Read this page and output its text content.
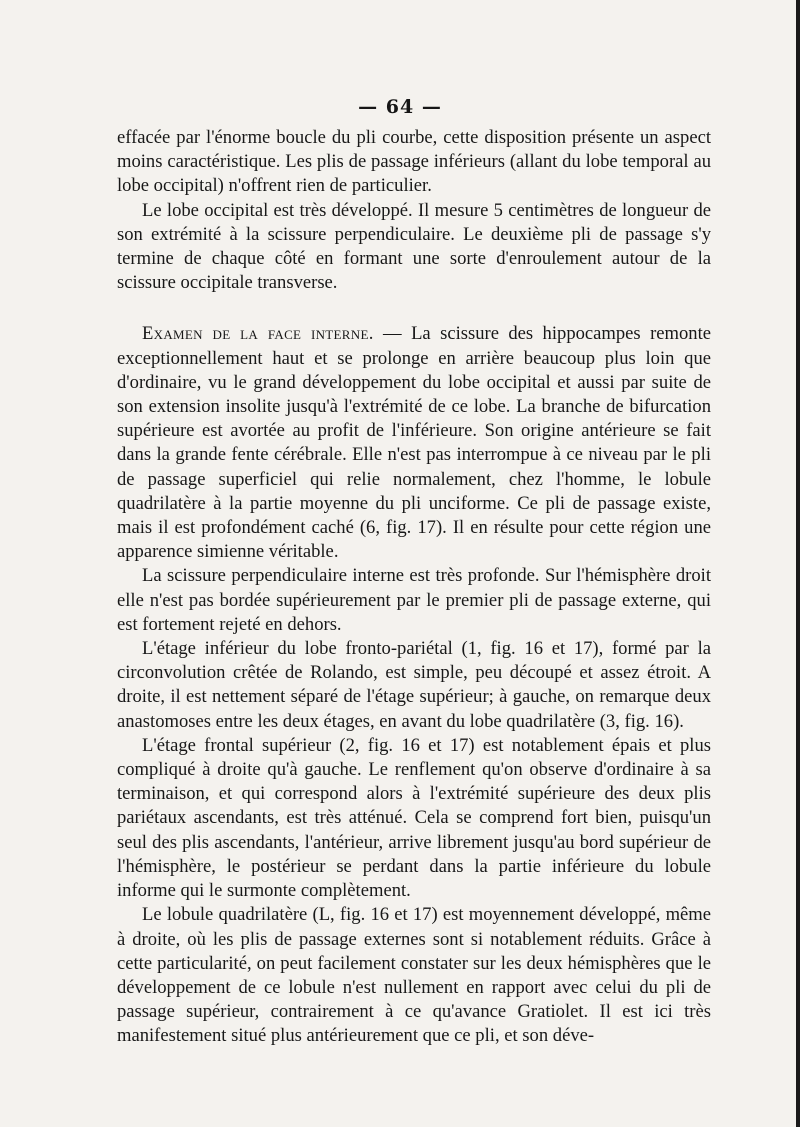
— 64 —

effacée par l'énorme boucle du pli courbe, cette disposition présente un aspect moins caractéristique. Les plis de passage inférieurs (allant du lobe temporal au lobe occipital) n'offrent rien de particulier.

Le lobe occipital est très développé. Il mesure 5 centimètres de longueur de son extrémité à la scissure perpendiculaire. Le deuxième pli de passage s'y termine de chaque côté en formant une sorte d'enroulement autour de la scissure occipitale transverse.

Examen de la face interne. — La scissure des hippocampes remonte exceptionnellement haut et se prolonge en arrière beaucoup plus loin que d'ordinaire, vu le grand développement du lobe occipital et aussi par suite de son extension insolite jusqu'à l'extrémité de ce lobe. La branche de bifurcation supérieure est avortée au profit de l'inférieure. Son origine antérieure se fait dans la grande fente cérébrale. Elle n'est pas interrompue à ce niveau par le pli de passage superficiel qui relie normalement, chez l'homme, le lobule quadrilatère à la partie moyenne du pli unciforme. Ce pli de passage existe, mais il est profondément caché (6, fig. 17). Il en résulte pour cette région une apparence simienne véritable.

La scissure perpendiculaire interne est très profonde. Sur l'hémisphère droit elle n'est pas bordée supérieurement par le premier pli de passage externe, qui est fortement rejeté en dehors.

L'étage inférieur du lobe fronto-pariétal (1, fig. 16 et 17), formé par la circonvolution crêtée de Rolando, est simple, peu découpé et assez étroit. A droite, il est nettement séparé de l'étage supérieur; à gauche, on remarque deux anastomoses entre les deux étages, en avant du lobe quadrilatère (3, fig. 16).

L'étage frontal supérieur (2, fig. 16 et 17) est notablement épais et plus compliqué à droite qu'à gauche. Le renflement qu'on observe d'ordinaire à sa terminaison, et qui correspond alors à l'extrémité supérieure des deux plis pariétaux ascendants, est très atténué. Cela se comprend fort bien, puisqu'un seul des plis ascendants, l'antérieur, arrive librement jusqu'au bord supérieur de l'hémisphère, le postérieur se perdant dans la partie inférieure du lobule informe qui le surmonte complètement.

Le lobule quadrilatère (L, fig. 16 et 17) est moyennement développé, même à droite, où les plis de passage externes sont si notablement réduits. Grâce à cette particularité, on peut facilement constater sur les deux hémisphères que le développement de ce lobule n'est nullement en rapport avec celui du pli de passage supérieur, contrairement à ce qu'avance Gratiolet. Il est ici très manifestement situé plus antérieurement que ce pli, et son déve-
